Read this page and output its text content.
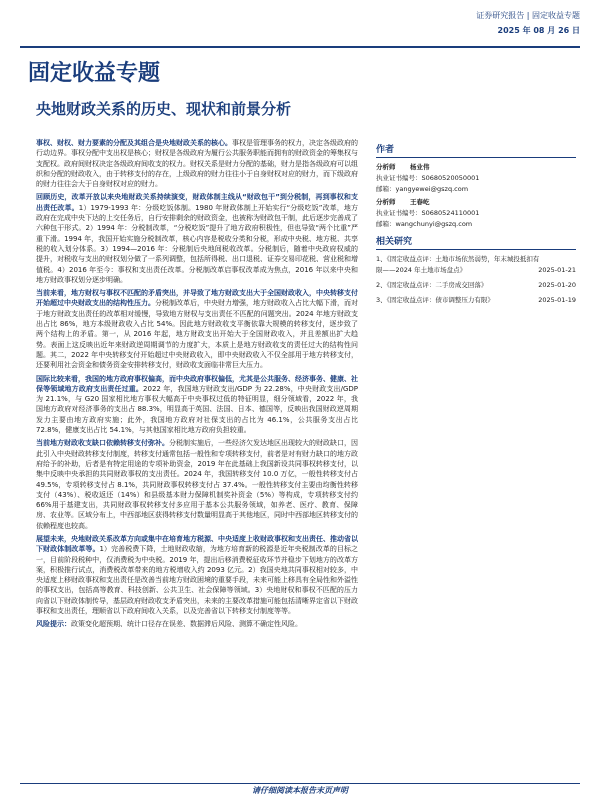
证券研究报告 | 固定收益专题
2025 年 08 月 26 日
固定收益专题
央地财政关系的历史、现状和前景分析

事权、财权、财力要素的分配及其组合是央地财政关系的核心。事权是管理事务的权力，决定各级政府的行动边界。事权分配中支出权是核心；财权是各级政府为履行公共服务职能而拥有的财政资金的筹集权与支配权。政府间财权决定各级政府间收支的权力。财权关系是财力分配的基础，财力是指各级政府可以组织和分配的财政收入，由于转移支付的存在，上级政府的财力往往小于自身财权对应的财力，而下级政府的财力往往会大于自身财权对应的财力。

回顾历史，改革开放以来央地财政关系持续演变，财政体制主线从“财政包干”到分税制，再到事权和支出责任改革。1）1979-1993 年：分级吃饭体制。1980 年财政体制上开始实行“分级吃饭”改革，地方政府在完成中央下达的上交任务后，自行安排剩余的财政资金，也被称为财政包干制，此后逐步完善成了六种包干形式。2）1994 年：分税制改革，“分税吃饭”提升了地方政府积极性，但也导致“两个比重”严重下滑。1994 年，我国开始实施分税制改革，核心内容是税收分类和分税，形成中央税、地方税、共享税的收入划分体系。3）1994—2016 年：分税制后央地间税收改革。分税制后，随着中央政府权威的提升，对税收与支出的财权划分做了一系列调整，包括所得税、出口退税、证券交易印花税、营业税和增值税。4）2016 年至今：事权和支出责任改革。分税制改革启事权改革成为焦点，2016 年以来中央和地方财政事权划分逐步明确。

当前来看，地方财权与事权不匹配的矛盾突出，并导致了地方财政支出大于全国财政收入，中央转移支付开始超过中央财政支出的结构性压力。分税制改革后，中央财力增强，地方财政收入占比大幅下滑，而对于地方财政支出责任的改革相对缓慢，导致地方财权与支出责任不匹配的问题突出。2024 年地方财政支出占比 86%，地方本级财政收入占比 54%。因此地方财政收支平衡依靠大规模的转移支付，逐步致了两个结构上的矛盾。第一，从 2016 年起，地方财政支出开始大于全国财政收入，并且差额出扩大趋势。表面上这反映出近年来财政逆周期调节的力度扩大，本质上是地方财政收支的责任过大的结构性问题。其二，2022 年中央转移支付开始超过中央财政收入，即中央财政收入不仅全部用于地方转移支付，还要利用社会资金和债务资金安排转移支付，财政收支面临非常巨大压力。

国际比较来看，我国的地方政府事权偏高，而中央政府事权偏低，尤其是公共服务、经济事务、健康、社保等领域地方政府支出责任过重。2022 年，我国地方财政支出/GDP 为 22.28%，中央财政支出/GDP 为 21.1%，与 G20 国家相比地方事权大幅高于中央事权过低的特征明显，细分领域看，2022 年，我国地方政府对经济事务的支出占 88.3%，明显高于英国、法国、日本、德国等，反映出我国财政逆周期发力主要由地方政府实施；此外，我国地方政府对社保支出的占比为 46.1%，公共服务支出占比 72.8%，健康支出占比 54.1%，与其他国家相比地方政府负担较重。

当前地方财政收支缺口依赖转移支付弥补。分税制实施后，一些经济欠发达地区出现较大的财政缺口，因此引入中央财政转移支付制度，转移支付通常包括一般性和专项转移支付，前者是对有财力缺口的地方政府给予的补助，后者是有特定用途的专项补助资金，2019 年在此基础上我国新设共同事权转移支付，以集中反映中央承担的共同财政事权的支出责任。2024 年，我国转移支付 10.0 万亿，一般性转移支付占 49.5%，专项转移支付占 8.1%，共同财政事权转移支付占 37.4%。一般性转移支付主要由均衡性转移支付（43%）、税收返还（14%）和县级基本财力保障机制奖补资金（5%）等构成，专项转移支付约 66%用于基建支出，共同财政事权转移支付多应用于基本公共服务领域，如养老、医疗、教育、保障房、农业等。区域分布上，中西部地区获得转移支付数量明显高于其他地区，同时中西部地区转移支付的依赖程度也较高。

展望未来，央地财政关系改革方向或集中在培育地方税源、中央适度上收财政事权和支出责任、推动省以下财政体制改革等。1）完善税费下降，土地财政收缩，为地方培育新的税源是近年央税制改革的目标之一，目前阶段税种中，仅消费税为中央税。2019 年，提出后移消费税征收环节并稳步下划地方的改革方案，积极推行试点，消费税改革带来的地方税增收入约 2093 亿元。2）我国央地共同事权相对较多，中央适度上移财政事权和支出责任是改善当前地方财政困境的重要手段，未来可能上移具有全局性和外溢性的事权支出，包括高等教育、科技创新、公共卫生、社会保障等领域。3）央地财权和事权不匹配的压力向省以下财政体制传导，基层政府财政收支矛盾突出，未来的主要改革措施可能包括清晰界定省以下财政事权和支出责任，理顺省以下政府间收入关系，以及完善省以下转移支付制度等等。

风险提示：政策变化超预期、统计口径存在误差、数据滞后风险、测算不确定性风险。

作者
分析师	杨业伟
执业证书编号：S0680520050001
邮箱：yangyewei@gszq.com
分析师	王春屹
执业证书编号：S0680524110001
邮箱：wangchunyi@gszq.com
相关研究
1、《固定收益点评：土地市场依然弱势，年末城投抵扣有限——2024 年土地市场盘点》	2025-01-21
2、《固定收益点评：二手房成交回落》	2025-01-20
3、《固定收益点评：债市调整压力有限》	2025-01-19
请仔细阅读本报告末页声明
